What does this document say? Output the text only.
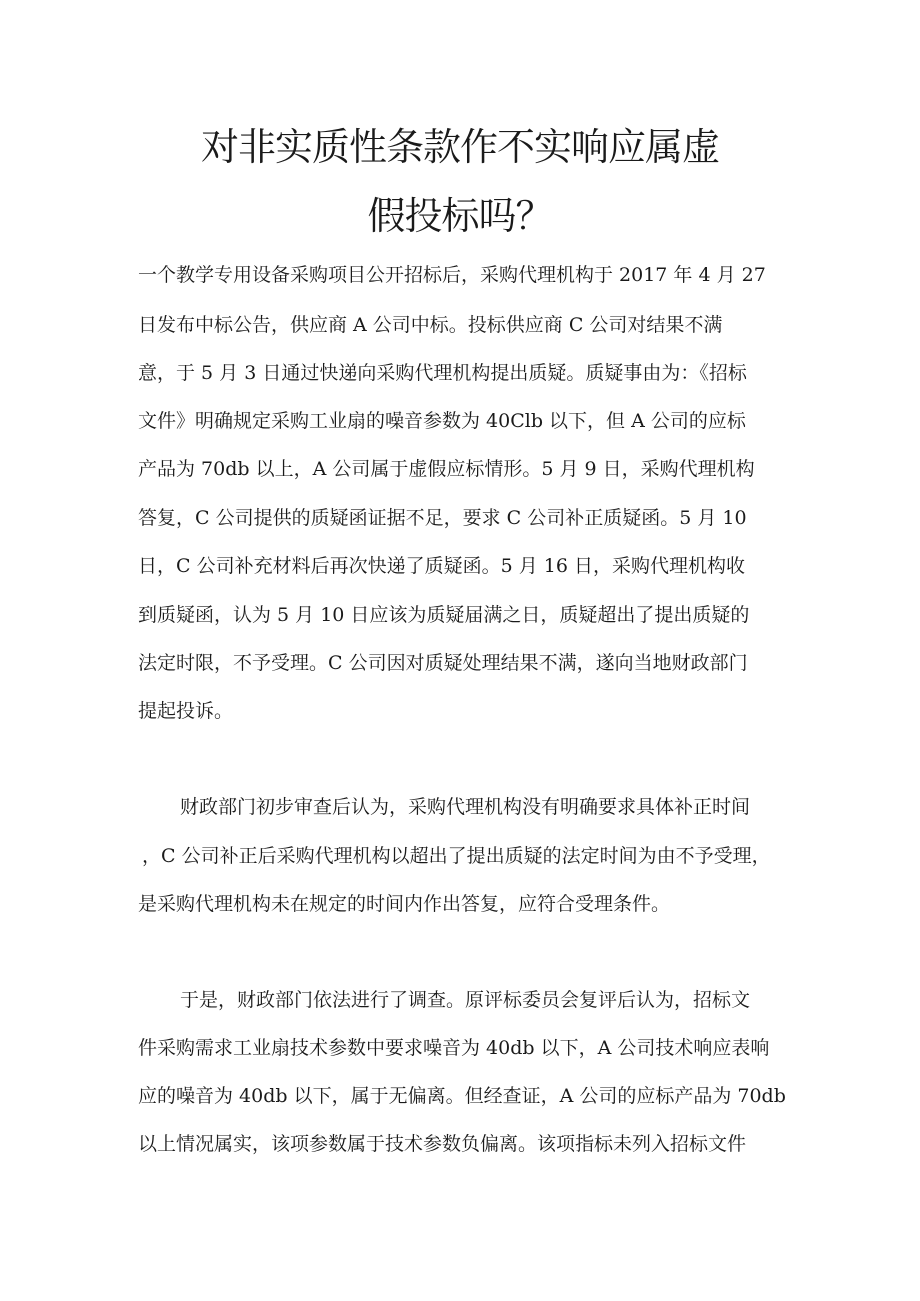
对非实质性条款作不实响应属虚
假投标吗？

一个教学专用设备采购项目公开招标后，采购代理机构于 2017 年 4 月 27

日发布中标公告，供应商 A 公司中标。投标供应商 C 公司对结果不满

意，于 5 月 3 日通过快递向采购代理机构提出质疑。质疑事由为：《招标

文件》明确规定采购工业扇的噪音参数为 40Clb 以下，但 A 公司的应标

产品为 70db 以上，A 公司属于虚假应标情形。5 月 9 日，采购代理机构

答复，C 公司提供的质疑函证据不足，要求 C 公司补正质疑函。5 月 10

日，C 公司补充材料后再次快递了质疑函。5 月 16 日，采购代理机构收

到质疑函，认为 5 月 10 日应该为质疑届满之日，质疑超出了提出质疑的

法定时限，不予受理。C 公司因对质疑处理结果不满，遂向当地财政部门

提起投诉。

财政部门初步审查后认为，采购代理机构没有明确要求具体补正时间

，C 公司补正后采购代理机构以超出了提出质疑的法定时间为由不予受理，

是采购代理机构未在规定的时间内作出答复，应符合受理条件。

于是，财政部门依法进行了调查。原评标委员会复评后认为，招标文

件采购需求工业扇技术参数中要求噪音为 40db 以下，A 公司技术响应表响

应的噪音为 40db 以下，属于无偏离。但经查证，A 公司的应标产品为 70db

以上情况属实，该项参数属于技术参数负偏离。该项指标未列入招标文件
